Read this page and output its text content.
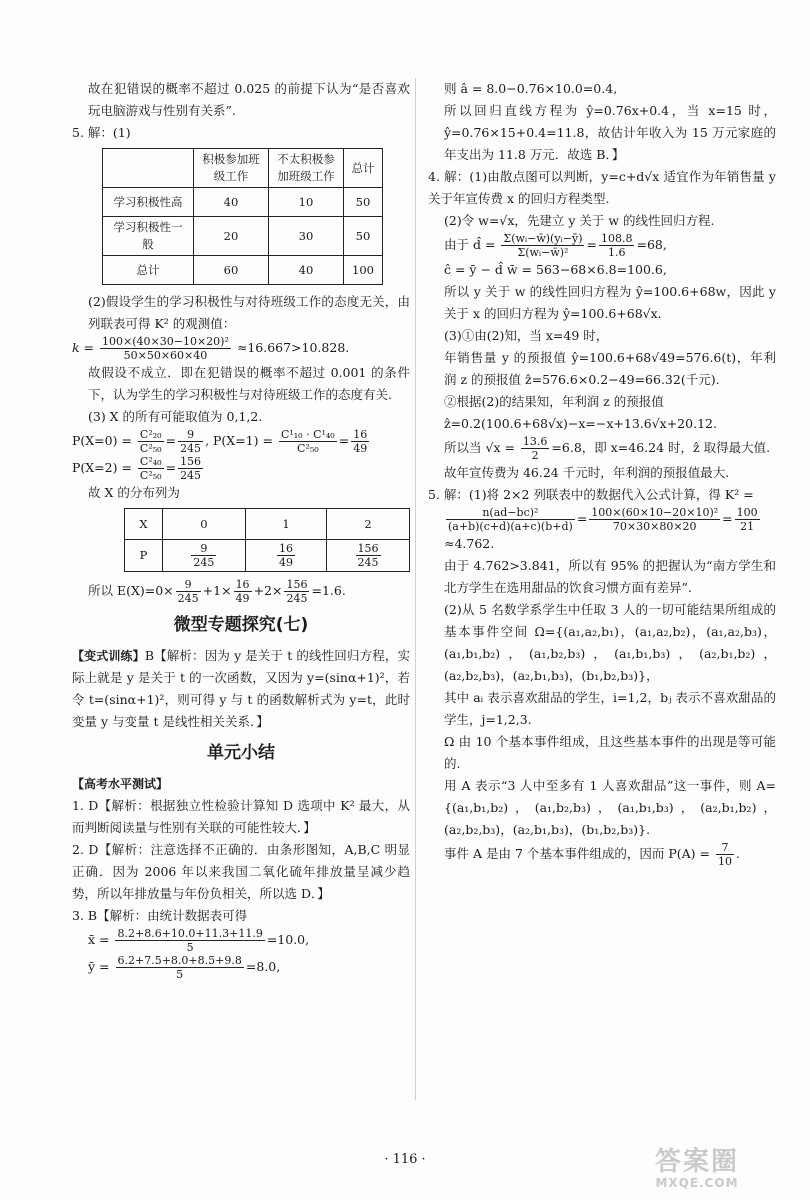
故在犯错误的概率不超过 0.025 的前提下认为“是否喜欢玩电脑游戏与性别有关系”.

5. 解：(1)

	积极参加班级工作	不太积极参加班级工作	总计
学习积极性高	40	10	50
学习积极性一般	20	30	50
总计	60	40	100

(2)假设学生的学习积极性与对待班级工作的态度无关，由列联表可得 K² 的观测值：

$k = \frac{\text{100×(40×30−10×20)²}}{50\times 50\times 60\times 40} \approx 16.667>10.828$.

故假设不成立．即在犯错误的概率不超过 0.001 的条件下，认为学生的学习积极性与对待班级工作的态度有关.

(3) X 的所有可能取值为 0,1,2.

$P(X=0) = \frac{\text{C²₂₀}}{\text{C²₅₀}} = \frac{9}{245}$ , $P(X=1) = \frac{\text{C¹₁₀ · C¹₄₀}}{\text{C²₅₀}} = \frac{16}{49}$

$P(X=2) = \frac{\text{C²₄₀}}{\text{C²₅₀}} = \frac{156}{245}$

故 X 的分布列为

X	0	1	2
P	$\frac{9}{245}$	$\frac{16}{49}$	$\frac{156}{245}$

所以 $E(X)=0\times \frac{9}{245} +1\times \frac{16}{49} +2\times \frac{156}{245} =1.6$.

微型专题探究(七)

【变式训练】B【解析：因为 y 是关于 t 的线性回归方程，实际上就是 y 是关于 t 的一次函数，又因为 y=(sinα+1)²，若令 t=(sinα+1)²，则可得 y 与 t 的函数解析式为 y=t，此时变量 y 与变量 t 是线性相关关系．】

单元小结

【高考水平测试】

1. D【解析：根据独立性检验计算知 D 选项中 K² 最大，从而判断阅读量与性别有关联的可能性较大．】

2. D【解析：注意选择不正确的．由条形图知，A,B,C 明显正确．因为 2006 年以来我国二氧化硫年排放量呈减少趋势，所以年排放量与年份负相关，所以选 D．】

3. B【解析：由统计数据表可得

x̄ = $\frac{8.2+8.6+10.0+11.3+11.9}{5} =10.0$,

ȳ = $\frac{6.2+7.5+8.0+8.5+9.8}{5} =8.0$,

则 â = 8.0−0.76×10.0=0.4,

所以回归直线方程为 ŷ=0.76x+0.4，当 x=15 时，ŷ=0.76×15+0.4=11.8，故估计年收入为 15 万元家庭的年支出为 11.8 万元．故选 B．】

4. 解：(1)由散点图可以判断，y=c+d√x 适宜作为年销售量 y 关于年宣传费 x 的回归方程类型.

(2)令 w=√x，先建立 y 关于 w 的线性回归方程.

由于 d̂ = $\frac{\text{Σ(wᵢ−w̄)(yᵢ−ȳ)}}{\text{Σ(wᵢ−w̄)²}} = \frac{108.8}{1.6} =68$,

ĉ = ȳ − d̂ w̄ = 563−68×6.8=100.6,

所以 y 关于 w 的线性回归方程为 ŷ=100.6+68w，因此 y 关于 x 的回归方程为 ŷ=100.6+68√x.

(3)①由(2)知，当 x=49 时，

年销售量 y 的预报值 ŷ=100.6+68√49=576.6(t)，年利润 z 的预报值 ẑ=576.6×0.2−49=66.32(千元).

②根据(2)的结果知，年利润 z 的预报值

ẑ=0.2(100.6+68√x)−x=−x+13.6√x+20.12.

所以当 $√x = \frac{13.6}{2} =6.8$，即 x=46.24 时，ẑ 取得最大值.

故年宣传费为 46.24 千元时，年利润的预报值最大.

5. 解：(1)将 2×2 列联表中的数据代入公式计算，得 K² =

$\frac{\text{n(ad−bc)²}}{(a+b)(c+d)(a+c)(b+d)} = \frac{\text{100×(60×10−20×10)²}}{70\times 30\times 80\times 20} = \frac{100}{21}$
≈4.762.

由于 4.762>3.841，所以有 95% 的把握认为“南方学生和北方学生在选用甜品的饮食习惯方面有差异”.

(2)从 5 名数学系学生中任取 3 人的一切可能结果所组成的基本事件空间 Ω={(a₁,a₂,b₁)，(a₁,a₂,b₂)，(a₁,a₂,b₃)，(a₁,b₁,b₂)，(a₁,b₂,b₃)，(a₁,b₁,b₃)，(a₂,b₁,b₂)，(a₂,b₂,b₃)，(a₂,b₁,b₃)，(b₁,b₂,b₃)}，

其中 aᵢ 表示喜欢甜品的学生，i=1,2，bⱼ 表示不喜欢甜品的学生，j=1,2,3.

Ω 由 10 个基本事件组成，且这些基本事件的出现是等可能的.

用 A 表示“3 人中至多有 1 人喜欢甜品”这一事件，则 A={(a₁,b₁,b₂)，(a₁,b₂,b₃)，(a₁,b₁,b₃)，(a₂,b₁,b₂)，(a₂,b₂,b₃)，(a₂,b₁,b₃)，(b₁,b₂,b₃)}.

事件 A 是由 7 个基本事件组成的，因而 $P(A) = \frac{7}{10}$ .

· 116 ·	答案圈
MXQE.COM
